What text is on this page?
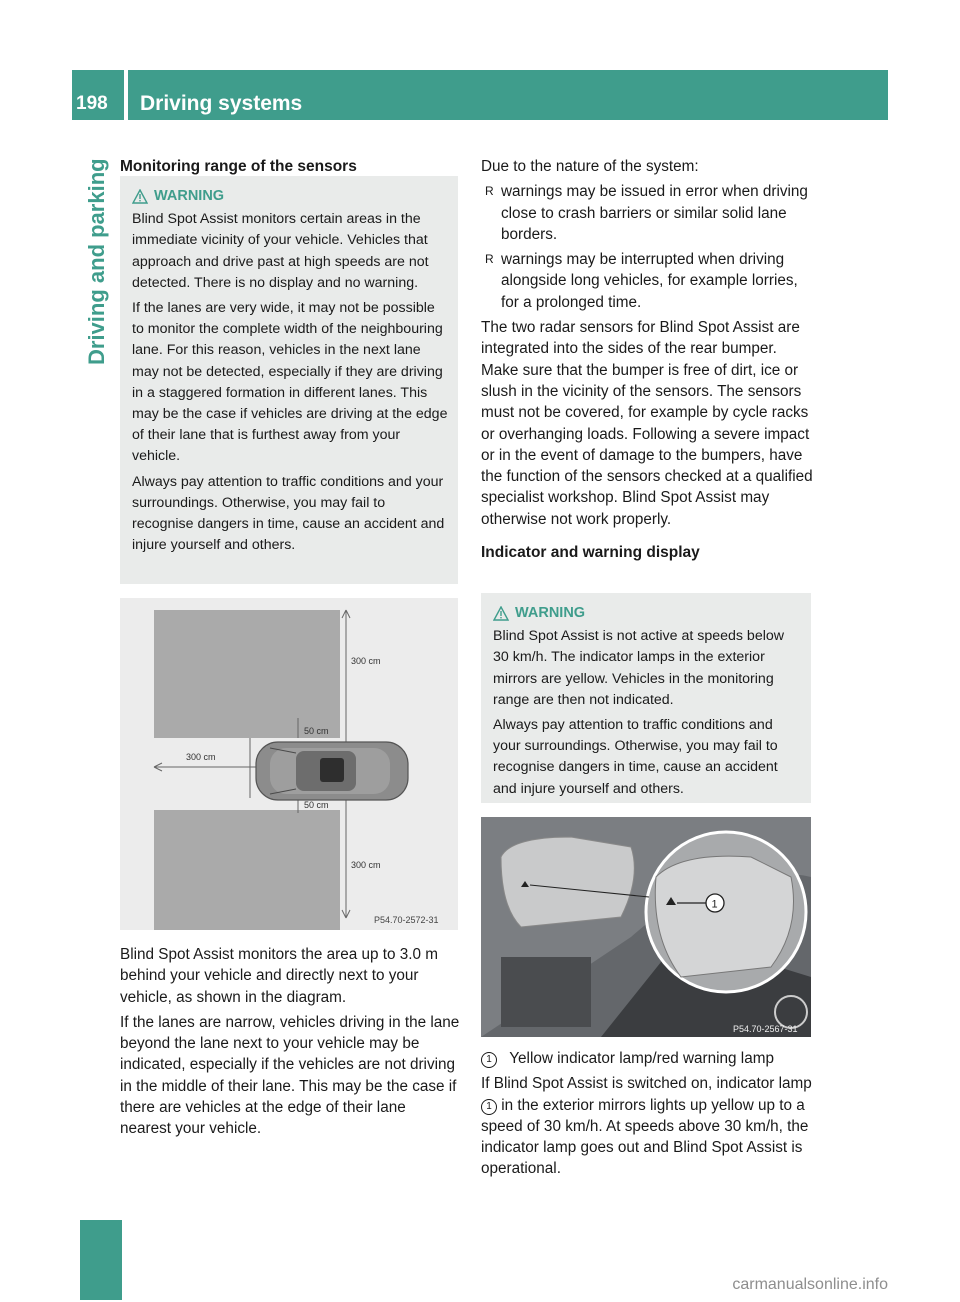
198 Driving systems
Driving and parking Monitoring range of the sensors
WARNING

Blind Spot Assist monitors certain areas in the immediate vicinity of your vehicle. Vehicles that approach and drive past at high speeds are not detected. There is no display and no warning.

If the lanes are very wide, it may not be possible to monitor the complete width of the neighbouring lane. For this reason, vehicles in the next lane may not be detected, especially if they are driving in a staggered formation in different lanes. This may be the case if vehicles are driving at the edge of their lane that is furthest away from your vehicle.

Always pay attention to traffic conditions and your surroundings. Otherwise, you may fail to recognise dangers in time, cause an accident and injure yourself and others.

300 cm
50 cm
300 cm
50 cm
300 cm
P54.70-2572-31

Blind Spot Assist monitors the area up to 3.0 m behind your vehicle and directly next to your vehicle, as shown in the diagram.

If the lanes are narrow, vehicles driving in the lane beyond the lane next to your vehicle may be indicated, especially if the vehicles are not driving in the middle of their lane. This may be the case if there are vehicles at the edge of their lane nearest your vehicle.

Due to the nature of the system:

R warnings may be issued in error when driving close to crash barriers or similar solid lane borders.
R warnings may be interrupted when driving alongside long vehicles, for example lorries, for a prolonged time.

The two radar sensors for Blind Spot Assist are integrated into the sides of the rear bumper. Make sure that the bumper is free of dirt, ice or slush in the vicinity of the sensors. The sensors must not be covered, for example by cycle racks or overhanging loads. Following a severe impact or in the event of damage to the bumpers, have the function of the sensors checked at a qualified specialist workshop. Blind Spot Assist may otherwise not work properly.

Indicator and warning display
WARNING

Blind Spot Assist is not active at speeds below 30 km/h. The indicator lamps in the exterior mirrors are yellow. Vehicles in the monitoring range are then not indicated.

Always pay attention to traffic conditions and your surroundings. Otherwise, you may fail to recognise dangers in time, cause an accident and injure yourself and others.

1
P54.70-2567-31

1 Yellow indicator lamp/red warning lamp

If Blind Spot Assist is switched on, indicator lamp 1 in the exterior mirrors lights up yellow up to a speed of 30 km/h. At speeds above 30 km/h, the indicator lamp goes out and Blind Spot Assist is operational.

carmanualsonline.info
